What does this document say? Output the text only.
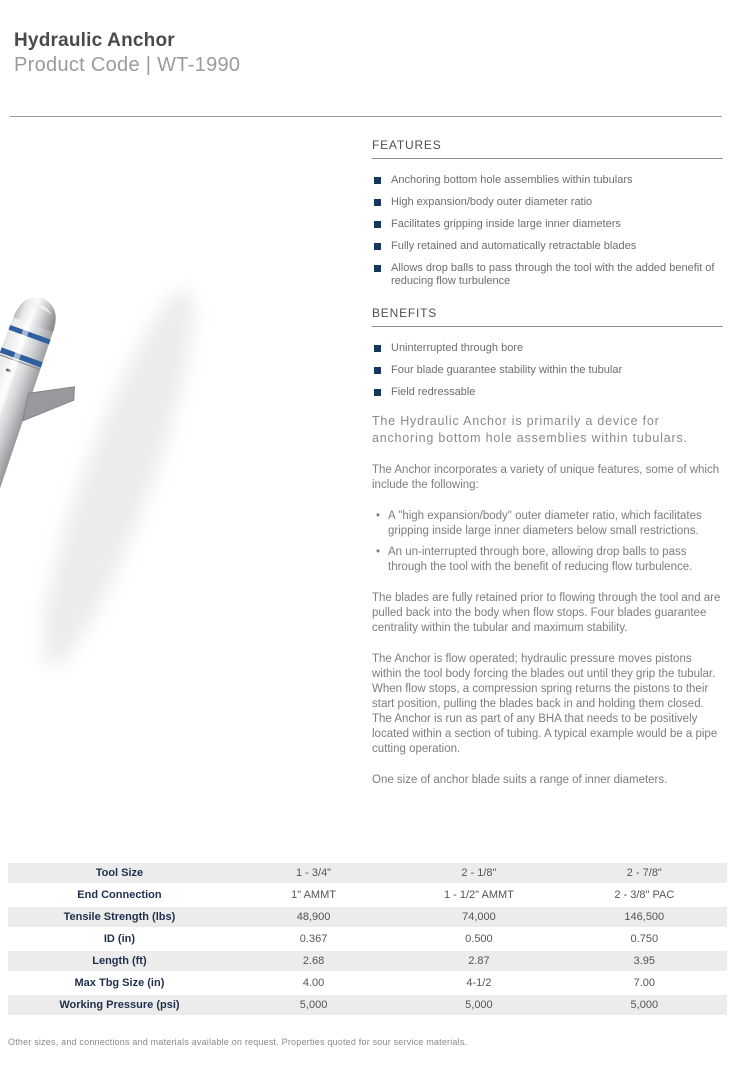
Hydraulic Anchor
Product Code | WT-1990
FEATURES
Anchoring bottom hole assemblies within tubulars
High expansion/body outer diameter ratio
Facilitates gripping inside large inner diameters
Fully retained and automatically retractable blades
Allows drop balls to pass through the tool with the added benefit of reducing flow turbulence
BENEFITS
Uninterrupted through bore
Four blade guarantee stability within the tubular
Field redressable

The Hydraulic Anchor is primarily a device for anchoring bottom hole assemblies within tubulars.

The Anchor incorporates a variety of unique features, some of which include the following:

• A "high expansion/body" outer diameter ratio, which facilitates gripping inside large inner diameters below small restrictions.
• An un-interrupted through bore, allowing drop balls to pass through the tool with the benefit of reducing flow turbulence.

The blades are fully retained prior to flowing through the tool and are pulled back into the body when flow stops. Four blades guarantee centrality within the tubular and maximum stability.

The Anchor is flow operated; hydraulic pressure moves pistons within the tool body forcing the blades out until they grip the tubular. When flow stops, a compression spring returns the pistons to their start position, pulling the blades back in and holding them closed. The Anchor is run as part of any BHA that needs to be positively located within a section of tubing. A typical example would be a pipe cutting operation.

One size of anchor blade suits a range of inner diameters.

Tool Size	1 - 3/4"	2 - 1/8"	2 - 7/8"
End Connection	1" AMMT	1 - 1/2" AMMT	2 - 3/8" PAC
Tensile Strength (lbs)	48,900	74,000	146,500
ID (in)	0.367	0.500	0.750
Length (ft)	2.68	2.87	3.95
Max Tbg Size (in)	4.00	4-1/2	7.00
Working Pressure (psi)	5,000	5,000	5,000

Other sizes, and connections and materials available on request. Properties quoted for sour service materials.
